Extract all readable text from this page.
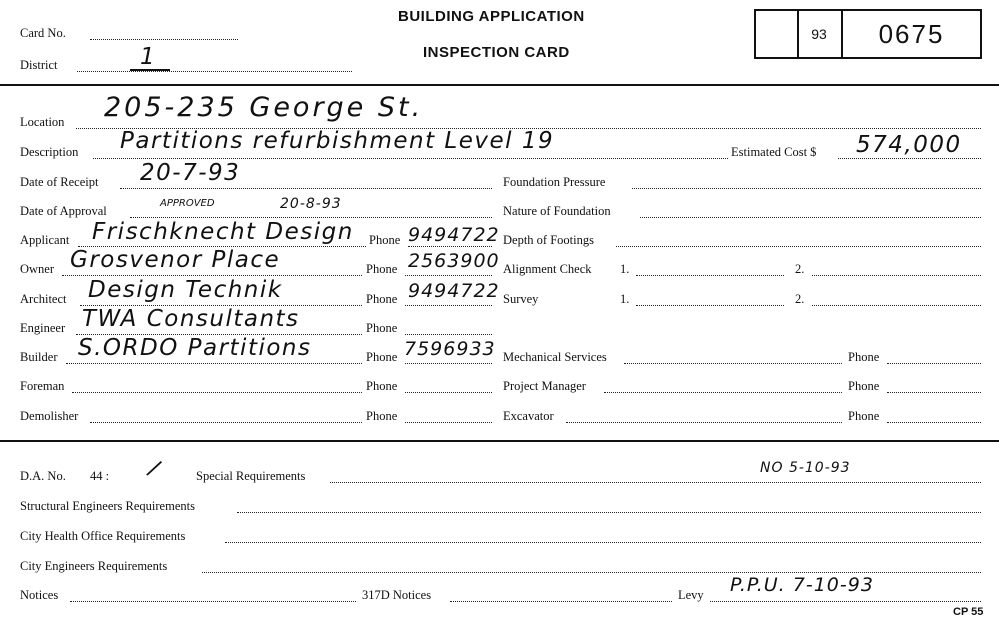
Card No.
District	1
BUILDING APPLICATION
INSPECTION CARD
93	0675
Location 205-235 George St.
Description Partitions refurbishment Level 19	Estimated Cost $ 574,000
Date of Receipt 20-7-93
Date of Approval
APPROVED	20-8-93
Applicant Frischknecht Design Phone 9494722
Owner Grosvenor Place	Phone 2563900
Architect Design Technik	Phone 9494722
Engineer TWA Consultants	Phone
Builder S.ORDO Partitions	Phone 7596933
Foreman	Phone
Demolisher	Phone
Foundation Pressure
Nature of Foundation
Depth of Footings
Alignment Check 1.	2.
Survey	1.	2.
Mechanical Services	Phone
Project Manager	Phone
Excavator	Phone
D.A. No. 44 : / Special Requirements	NO 5-10-93
Structural Engineers Requirements
City Health Office Requirements
City Engineers Requirements
Notices	317D Notices	Levy P.P.U. 7-10-93
CP 55
